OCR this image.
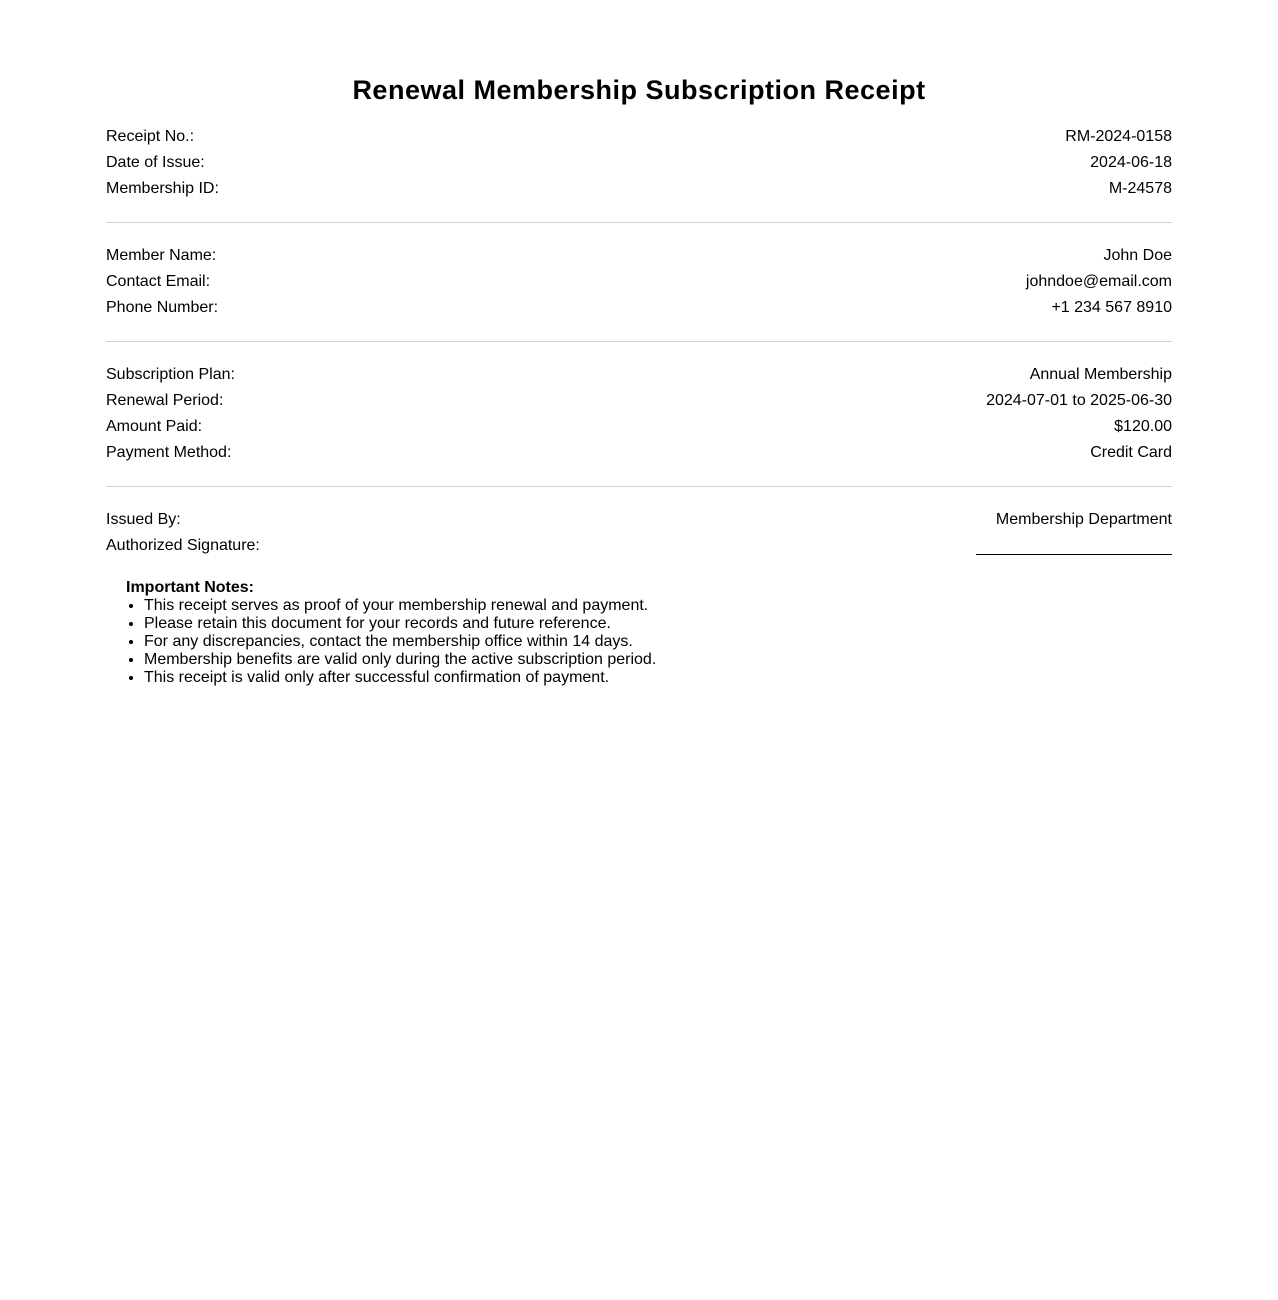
Renewal Membership Subscription Receipt
Receipt No.:	RM-2024-0158
Date of Issue:	2024-06-18
Membership ID:	M-24578
Member Name:	John Doe
Contact Email:	johndoe@email.com
Phone Number:	+1 234 567 8910
Subscription Plan:	Annual Membership
Renewal Period:	2024-07-01 to 2025-06-30
Amount Paid:	$120.00
Payment Method:	Credit Card
Issued By:	Membership Department
Authorized Signature:
Important Notes:
• This receipt serves as proof of your membership renewal and payment.
• Please retain this document for your records and future reference.
• For any discrepancies, contact the membership office within 14 days.
• Membership benefits are valid only during the active subscription period.
• This receipt is valid only after successful confirmation of payment.
